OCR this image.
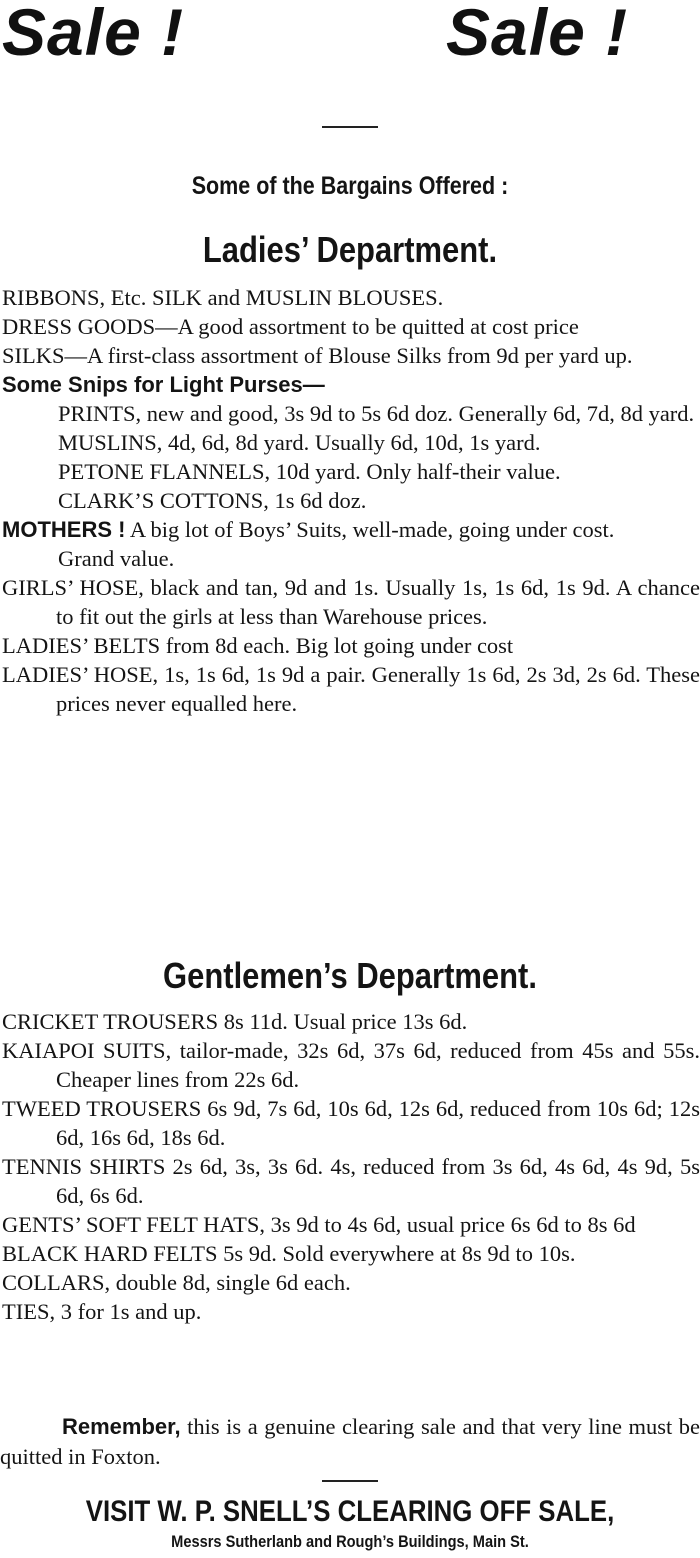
Sale !	Sale !
Some of the Bargains Offered :
Ladies’ Department.

RIBBONS, Etc. SILK and MUSLIN BLOUSES.

DRESS GOODS—A good assortment to be quitted at cost price

SILKS—A first-class assortment of Blouse Silks from 9d per yard up.

Some Snips for Light Purses—

PRINTS, new and good, 3s 9d to 5s 6d doz. Generally 6d, 7d, 8d yard.

MUSLINS, 4d, 6d, 8d yard. Usually 6d, 10d, 1s yard.

PETONE FLANNELS, 10d yard. Only half-their value.

CLARK’S COTTONS, 1s 6d doz.

MOTHERS ! A big lot of Boys’ Suits, well-made, going under cost.

Grand value.

GIRLS’ HOSE, black and tan, 9d and 1s. Usually 1s, 1s 6d, 1s 9d. A chance to fit out the girls at less than Warehouse prices.

LADIES’ BELTS from 8d each. Big lot going under cost

LADIES’ HOSE, 1s, 1s 6d, 1s 9d a pair. Generally 1s 6d, 2s 3d, 2s 6d. These prices never equalled here.

Gentlemen’s Department.

CRICKET TROUSERS 8s 11d. Usual price 13s 6d.

KAIAPOI SUITS, tailor-made, 32s 6d, 37s 6d, reduced from 45s and 55s. Cheaper lines from 22s 6d.

TWEED TROUSERS 6s 9d, 7s 6d, 10s 6d, 12s 6d, reduced from 10s 6d; 12s 6d, 16s 6d, 18s 6d.

TENNIS SHIRTS 2s 6d, 3s, 3s 6d. 4s, reduced from 3s 6d, 4s 6d, 4s 9d, 5s 6d, 6s 6d.

GENTS’ SOFT FELT HATS, 3s 9d to 4s 6d, usual price 6s 6d to 8s 6d

BLACK HARD FELTS 5s 9d. Sold everywhere at 8s 9d to 10s.

COLLARS, double 8d, single 6d each.

TIES, 3 for 1s and up.

Remember, this is a genuine clearing sale and that very line must be quitted in Foxton.

VISIT W. P. SNELL’S CLEARING OFF SALE,
Messrs Sutherlanb and Rough’s Buildings, Main St.
